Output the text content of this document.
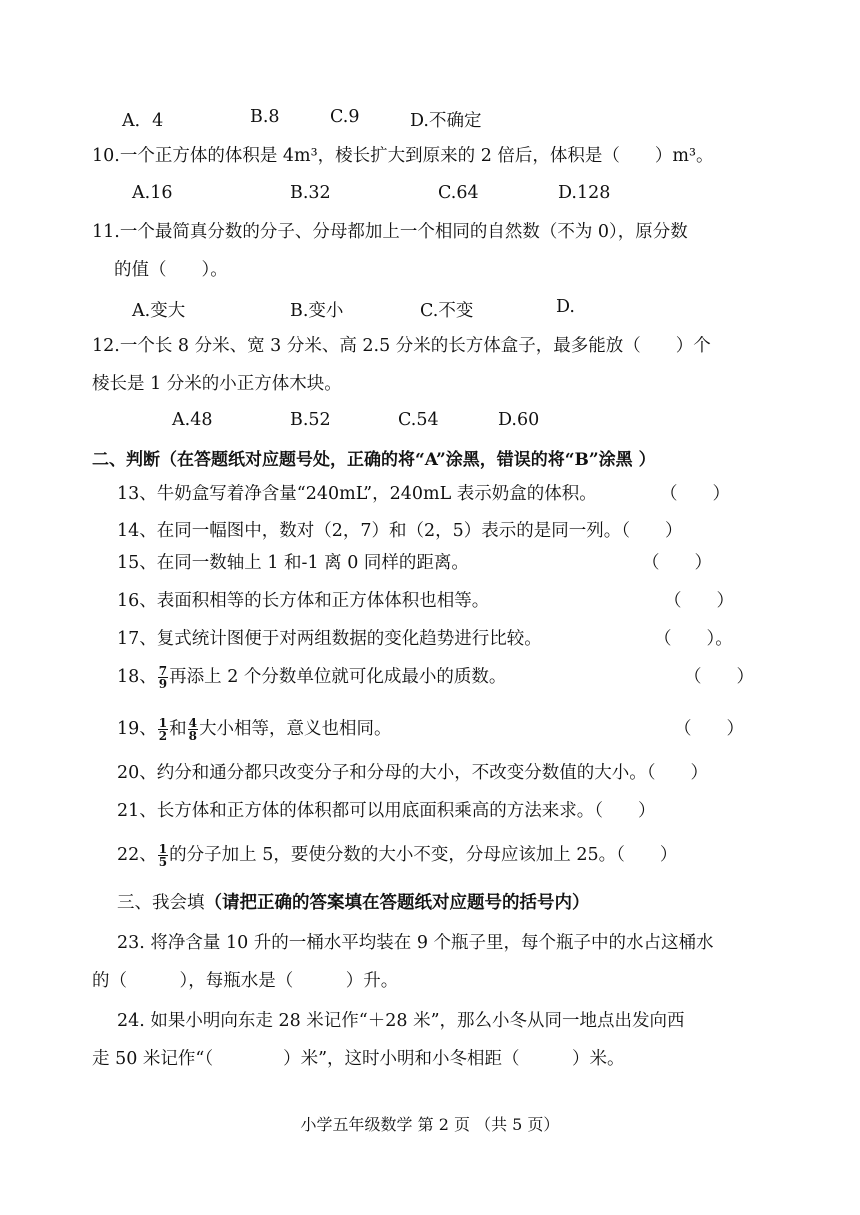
A．4	B.8	C.9	D.不确定
10.一个正方体的体积是 4m³，棱长扩大到原来的 2 倍后，体积是（　　）m³。
A.16	B.32	C.64	D.128
11.一个最简真分数的分子、分母都加上一个相同的自然数（不为 0），原分数
的值（　　）。
A.变大	B.变小	C.不变	D.
12.一个长 8 分米、宽 3 分米、高 2.5 分米的长方体盒子，最多能放（　　）个
棱长是 1 分米的小正方体木块。
A.48	B.52	C.54	D.60
二、判断（在答题纸对应题号处，正确的将“A”涂黑，错误的将“B”涂黑 ）
13、牛奶盒写着净含量“240mL”，240mL 表示奶盒的体积。	（　　）
14、在同一幅图中，数对（2，7）和（2，5）表示的是同一列。（　　）
15、在同一数轴上 1 和-1 离 0 同样的距离。	（　　）
16、表面积相等的长方体和正方体体积也相等。	（　　）
17、复式统计图便于对两组数据的变化趋势进行比较。	（　　）。
18、 $\frac{7}{9}$ 再添上 2 个分数单位就可化成最小的质数。	（　　）
19、 $\frac{1}{2}$ 和 $\frac{4}{8}$ 大小相等，意义也相同。	（　　）
20、约分和通分都只改变分子和分母的大小，不改变分数值的大小。（　　）
21、长方体和正方体的体积都可以用底面积乘高的方法来求。（　　）
22、 $\frac{1}{5}$ 的分子加上 5，要使分数的大小不变，分母应该加上 25。（　　）
三、我会填（请把正确的答案填在答题纸对应题号的括号内）
23. 将净含量 10 升的一桶水平均装在 9 个瓶子里，每个瓶子中的水占这桶水
的（　　　），每瓶水是（　　　）升。
24. 如果小明向东走 28 米记作“＋28 米”，那么小冬从同一地点出发向西
走 50 米记作“（　　　　）米”，这时小明和小冬相距（　　　）米。
小学五年级数学 第 2 页 （共 5 页）
